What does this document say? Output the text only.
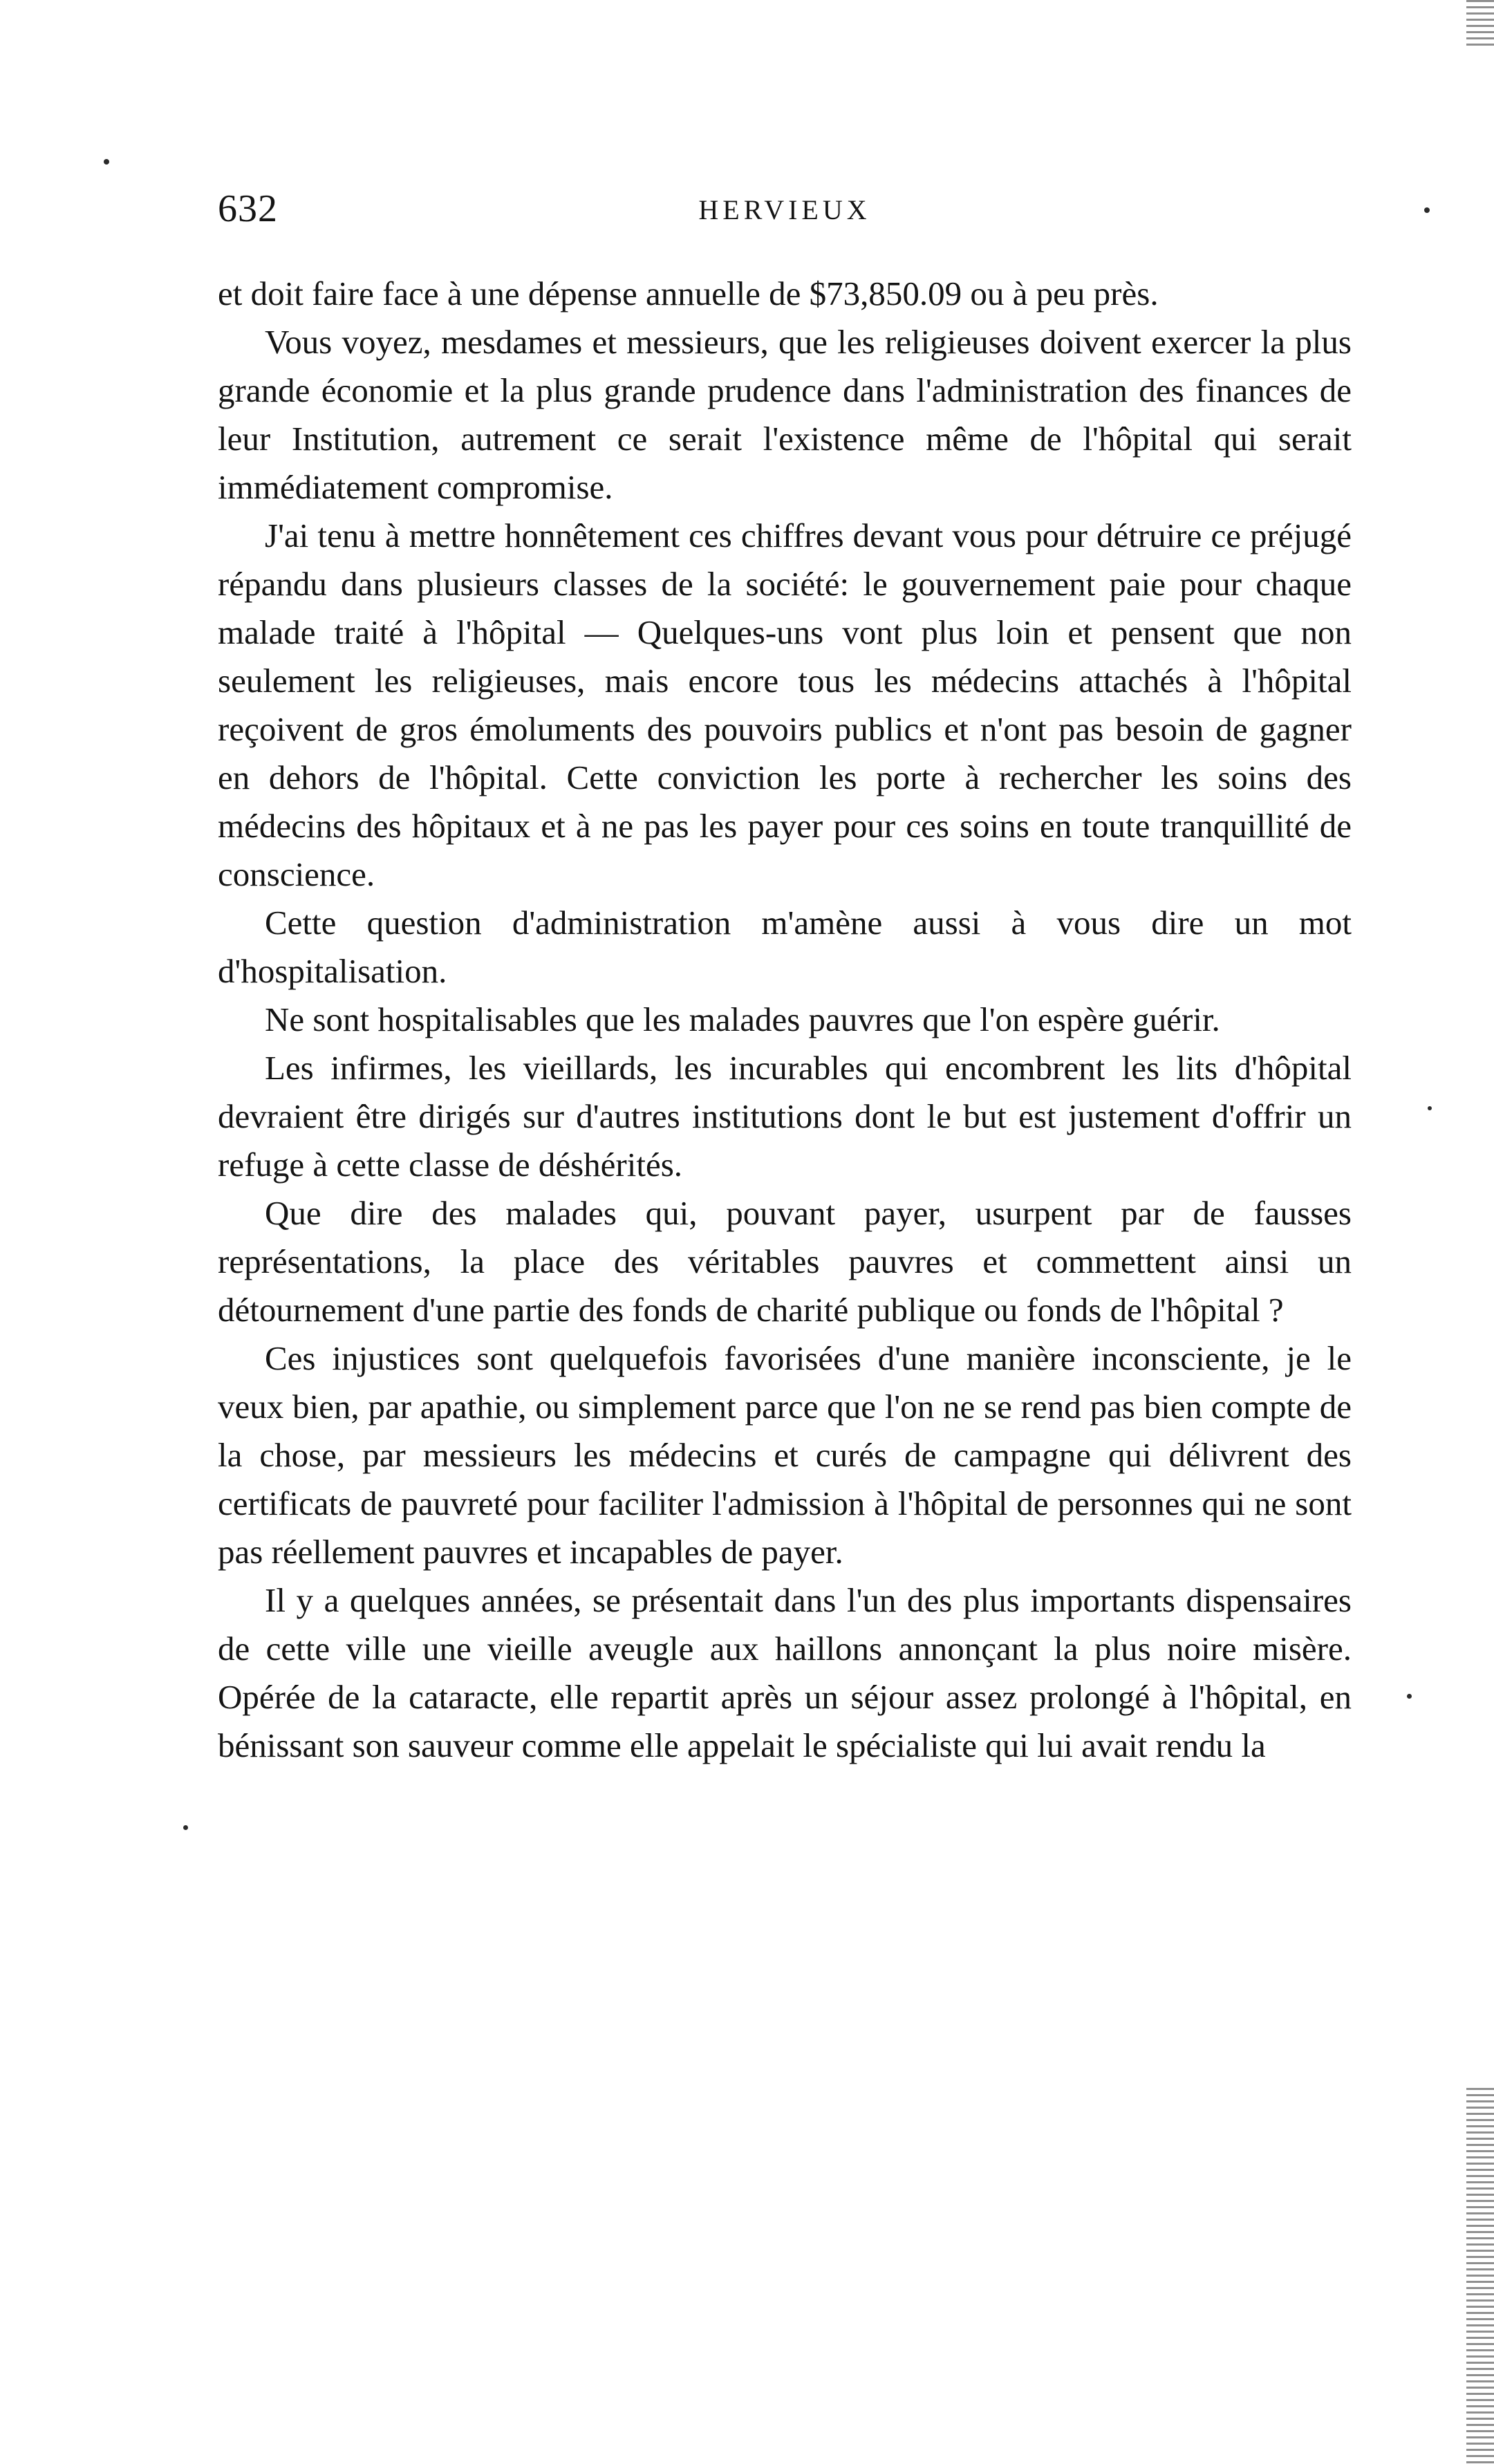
632	HERVIEUX

et doit faire face à une dépense annuelle de $73,850.09 ou à peu près.

Vous voyez, mesdames et messieurs, que les religieuses doivent exercer la plus grande économie et la plus grande prudence dans l'administration des finances de leur Institution, autrement ce serait l'existence même de l'hôpital qui serait immédiatement compromise.

J'ai tenu à mettre honnêtement ces chiffres devant vous pour détruire ce préjugé répandu dans plusieurs classes de la société: le gouvernement paie pour chaque malade traité à l'hôpital — Quelques-uns vont plus loin et pensent que non seulement les religieuses, mais encore tous les médecins attachés à l'hôpital reçoivent de gros émoluments des pouvoirs publics et n'ont pas besoin de gagner en dehors de l'hôpital. Cette conviction les porte à rechercher les soins des médecins des hôpitaux et à ne pas les payer pour ces soins en toute tranquillité de conscience.

Cette question d'administration m'amène aussi à vous dire un mot d'hospitalisation.

Ne sont hospitalisables que les malades pauvres que l'on espère guérir.

Les infirmes, les vieillards, les incurables qui encombrent les lits d'hôpital devraient être dirigés sur d'autres institutions dont le but est justement d'offrir un refuge à cette classe de déshérités.

Que dire des malades qui, pouvant payer, usurpent par de fausses représentations, la place des véritables pauvres et commettent ainsi un détournement d'une partie des fonds de charité publique ou fonds de l'hôpital ?

Ces injustices sont quelquefois favorisées d'une manière inconsciente, je le veux bien, par apathie, ou simplement parce que l'on ne se rend pas bien compte de la chose, par messieurs les médecins et curés de campagne qui délivrent des certificats de pauvreté pour faciliter l'admission à l'hôpital de personnes qui ne sont pas réellement pauvres et incapables de payer.

Il y a quelques années, se présentait dans l'un des plus importants dispensaires de cette ville une vieille aveugle aux haillons annonçant la plus noire misère. Opérée de la cataracte, elle repartit après un séjour assez prolongé à l'hôpital, en bénissant son sauveur comme elle appelait le spécialiste qui lui avait rendu la
